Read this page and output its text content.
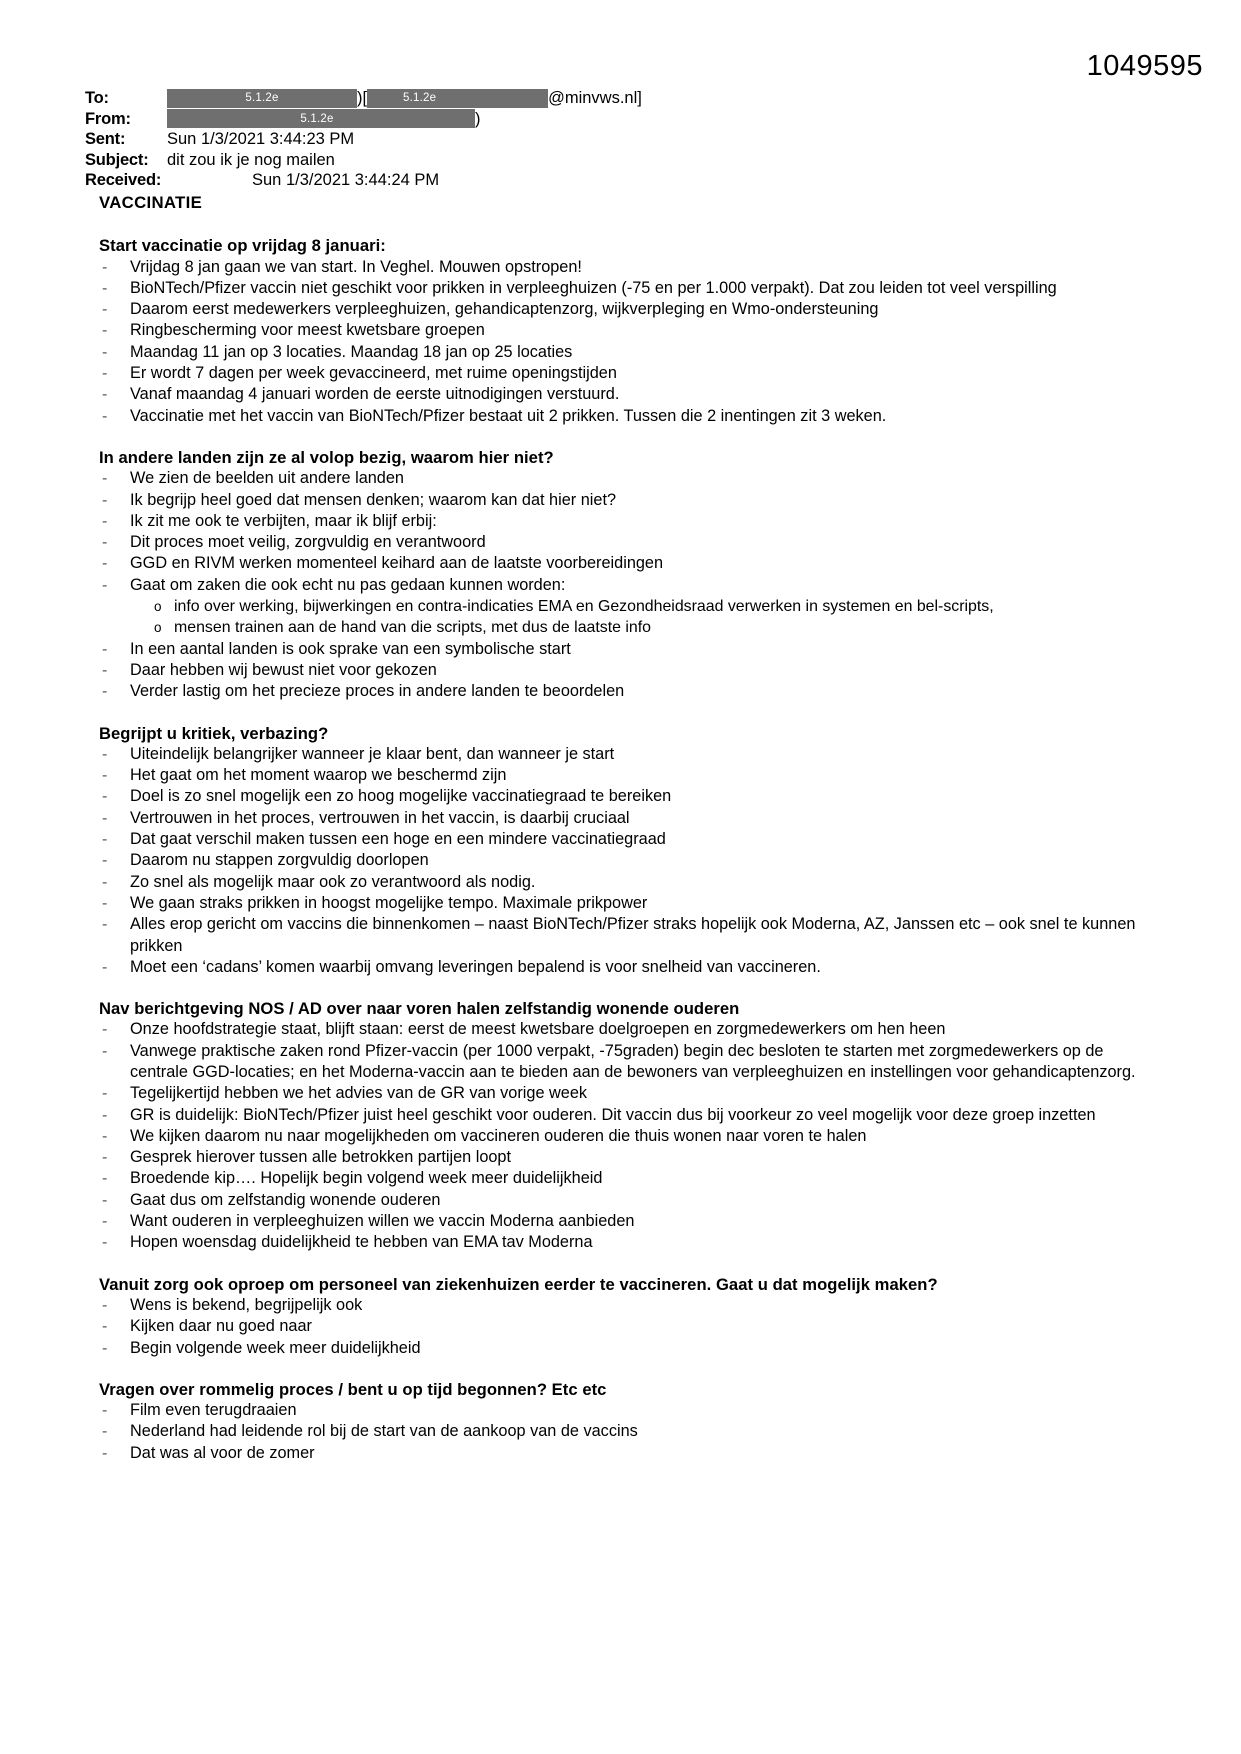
1049595
To:	5.1.2e	)[	5.1.2e	@minvws.nl]
From:	5.1.2e	)
Sent:	Sun 1/3/2021 3:44:23 PM
Subject:	dit zou ik je nog mailen
Received:	Sun 1/3/2021 3:44:24 PM
VACCINATIE
Start vaccinatie op vrijdag 8 januari:
- Vrijdag 8 jan gaan we van start. In Veghel. Mouwen opstropen!
- BioNTech/Pfizer vaccin niet geschikt voor prikken in verpleeghuizen (-75 en per 1.000 verpakt). Dat zou leiden tot veel verspilling
- Daarom eerst medewerkers verpleeghuizen, gehandicaptenzorg, wijkverpleging en Wmo-ondersteuning
- Ringbescherming voor meest kwetsbare groepen
- Maandag 11 jan op 3 locaties. Maandag 18 jan op 25 locaties
- Er wordt 7 dagen per week gevaccineerd, met ruime openingstijden
- Vanaf maandag 4 januari worden de eerste uitnodigingen verstuurd.
- Vaccinatie met het vaccin van BioNTech/Pfizer bestaat uit 2 prikken. Tussen die 2 inentingen zit 3 weken.
In andere landen zijn ze al volop bezig, waarom hier niet?
- We zien de beelden uit andere landen
- Ik begrijp heel goed dat mensen denken; waarom kan dat hier niet?
- Ik zit me ook te verbijten, maar ik blijf erbij:
- Dit proces moet veilig, zorgvuldig en verantwoord
- GGD en RIVM werken momenteel keihard aan de laatste voorbereidingen
- Gaat om zaken die ook echt nu pas gedaan kunnen worden:
o info over werking, bijwerkingen en contra-indicaties EMA en Gezondheidsraad verwerken in systemen en bel-scripts,
o mensen trainen aan de hand van die scripts, met dus de laatste info
- In een aantal landen is ook sprake van een symbolische start
- Daar hebben wij bewust niet voor gekozen
- Verder lastig om het precieze proces in andere landen te beoordelen
Begrijpt u kritiek, verbazing?
- Uiteindelijk belangrijker wanneer je klaar bent, dan wanneer je start
- Het gaat om het moment waarop we beschermd zijn
- Doel is zo snel mogelijk een zo hoog mogelijke vaccinatiegraad te bereiken
- Vertrouwen in het proces, vertrouwen in het vaccin, is daarbij cruciaal
- Dat gaat verschil maken tussen een hoge en een mindere vaccinatiegraad
- Daarom nu stappen zorgvuldig doorlopen
- Zo snel als mogelijk maar ook zo verantwoord als nodig.
- We gaan straks prikken in hoogst mogelijke tempo. Maximale prikpower
- Alles erop gericht om vaccins die binnenkomen – naast BioNTech/Pfizer straks hopelijk ook Moderna, AZ, Janssen etc – ook snel te kunnen prikken
- Moet een ‘cadans’ komen waarbij omvang leveringen bepalend is voor snelheid van vaccineren.
Nav berichtgeving NOS / AD over naar voren halen zelfstandig wonende ouderen
- Onze hoofdstrategie staat, blijft staan: eerst de meest kwetsbare doelgroepen en zorgmedewerkers om hen heen
- Vanwege praktische zaken rond Pfizer-vaccin (per 1000 verpakt, -75graden) begin dec besloten te starten met zorgmedewerkers op de centrale GGD-locaties; en het Moderna-vaccin aan te bieden aan de bewoners van verpleeghuizen en instellingen voor gehandicaptenzorg.
- Tegelijkertijd hebben we het advies van de GR van vorige week
- GR is duidelijk: BioNTech/Pfizer juist heel geschikt voor ouderen. Dit vaccin dus bij voorkeur zo veel mogelijk voor deze groep inzetten
- We kijken daarom nu naar mogelijkheden om vaccineren ouderen die thuis wonen naar voren te halen
- Gesprek hierover tussen alle betrokken partijen loopt
- Broedende kip…. Hopelijk begin volgend week meer duidelijkheid
- Gaat dus om zelfstandig wonende ouderen
- Want ouderen in verpleeghuizen willen we vaccin Moderna aanbieden
- Hopen woensdag duidelijkheid te hebben van EMA tav Moderna
Vanuit zorg ook oproep om personeel van ziekenhuizen eerder te vaccineren. Gaat u dat mogelijk maken?
- Wens is bekend, begrijpelijk ook
- Kijken daar nu goed naar
- Begin volgende week meer duidelijkheid
Vragen over rommelig proces / bent u op tijd begonnen? Etc etc
- Film even terugdraaien
- Nederland had leidende rol bij de start van de aankoop van de vaccins
- Dat was al voor de zomer
